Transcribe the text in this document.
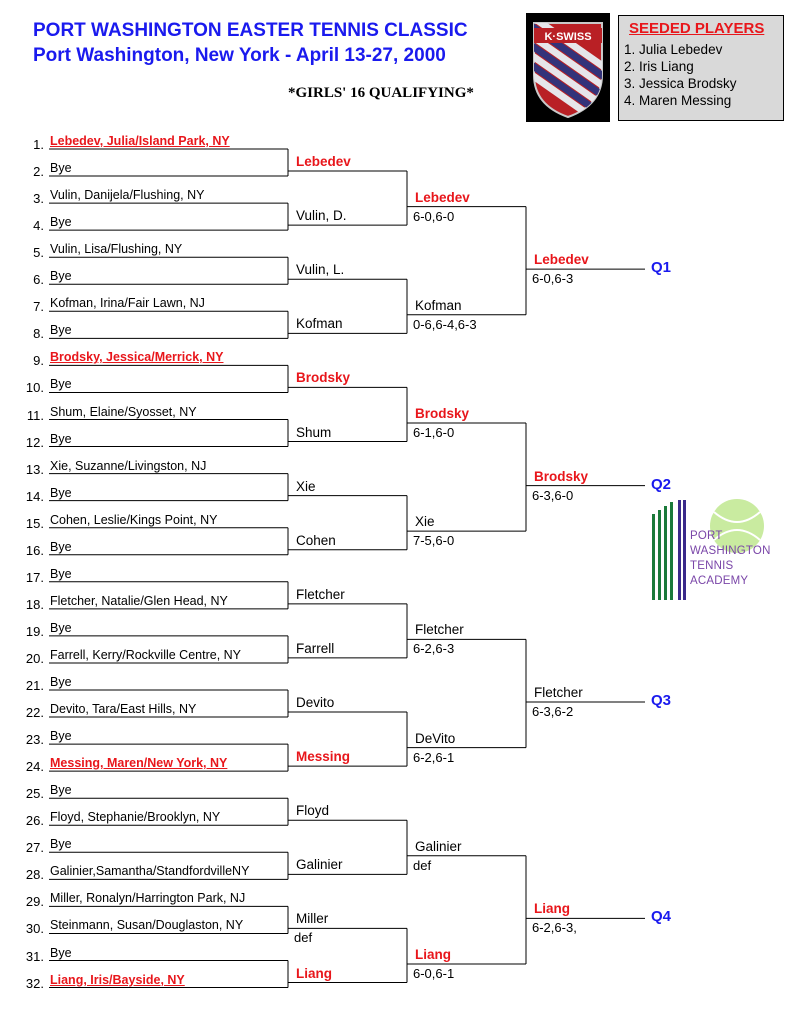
PORT WASHINGTON EASTER TENNIS CLASSIC
Port Washington, New York - April 13-27, 2000
*GIRLS' 16 QUALIFYING*
K·SWISS SEEDED PLAYERS
1. Julia Lebedev
2. Iris Liang
3. Jessica Brodsky
4. Maren Messing
1. Lebedev, Julia/Island Park, NY
2. Bye
3. Vulin, Danijela/Flushing, NY
4. Bye
5. Vulin, Lisa/Flushing, NY
6. Bye
7. Kofman, Irina/Fair Lawn, NJ
8. Bye
9. Brodsky, Jessica/Merrick, NY
10. Bye
11. Shum, Elaine/Syosset, NY
12. Bye
13. Xie, Suzanne/Livingston, NJ
14. Bye
15. Cohen, Leslie/Kings Point, NY
16. Bye
17. Bye
18. Fletcher, Natalie/Glen Head, NY
19. Bye
20. Farrell, Kerry/Rockville Centre, NY
21. Bye
22. Devito, Tara/East Hills, NY
23. Bye
24. Messing, Maren/New York, NY
25. Bye
26. Floyd, Stephanie/Brooklyn, NY
27. Bye
28. Galinier,Samantha/StandfordvilleNY
29. Miller, Ronalyn/Harrington Park, NJ
30. Steinmann, Susan/Douglaston, NY
31. Bye
32. Liang, Iris/Bayside, NY
Lebedev
Vulin, D.
Vulin, L.
Kofman
Brodsky
Shum
Xie
Cohen
Fletcher
Farrell
Devito
Messing
Floyd
Galinier
Miller
def
Liang
Lebedev
6-0,6-0
Kofman
0-6,6-4,6-3
Brodsky
6-1,6-0
Xie
7-5,6-0
Fletcher
6-2,6-3
DeVito
6-2,6-1
Galinier
def
Liang
6-0,6-1
Lebedev
6-0,6-3
Brodsky
6-3,6-0
Fletcher
6-3,6-2
Liang
6-2,6-3,
Q1
Q2
Q3
Q4
PORT
WASHINGTON
TENNIS
ACADEMY
